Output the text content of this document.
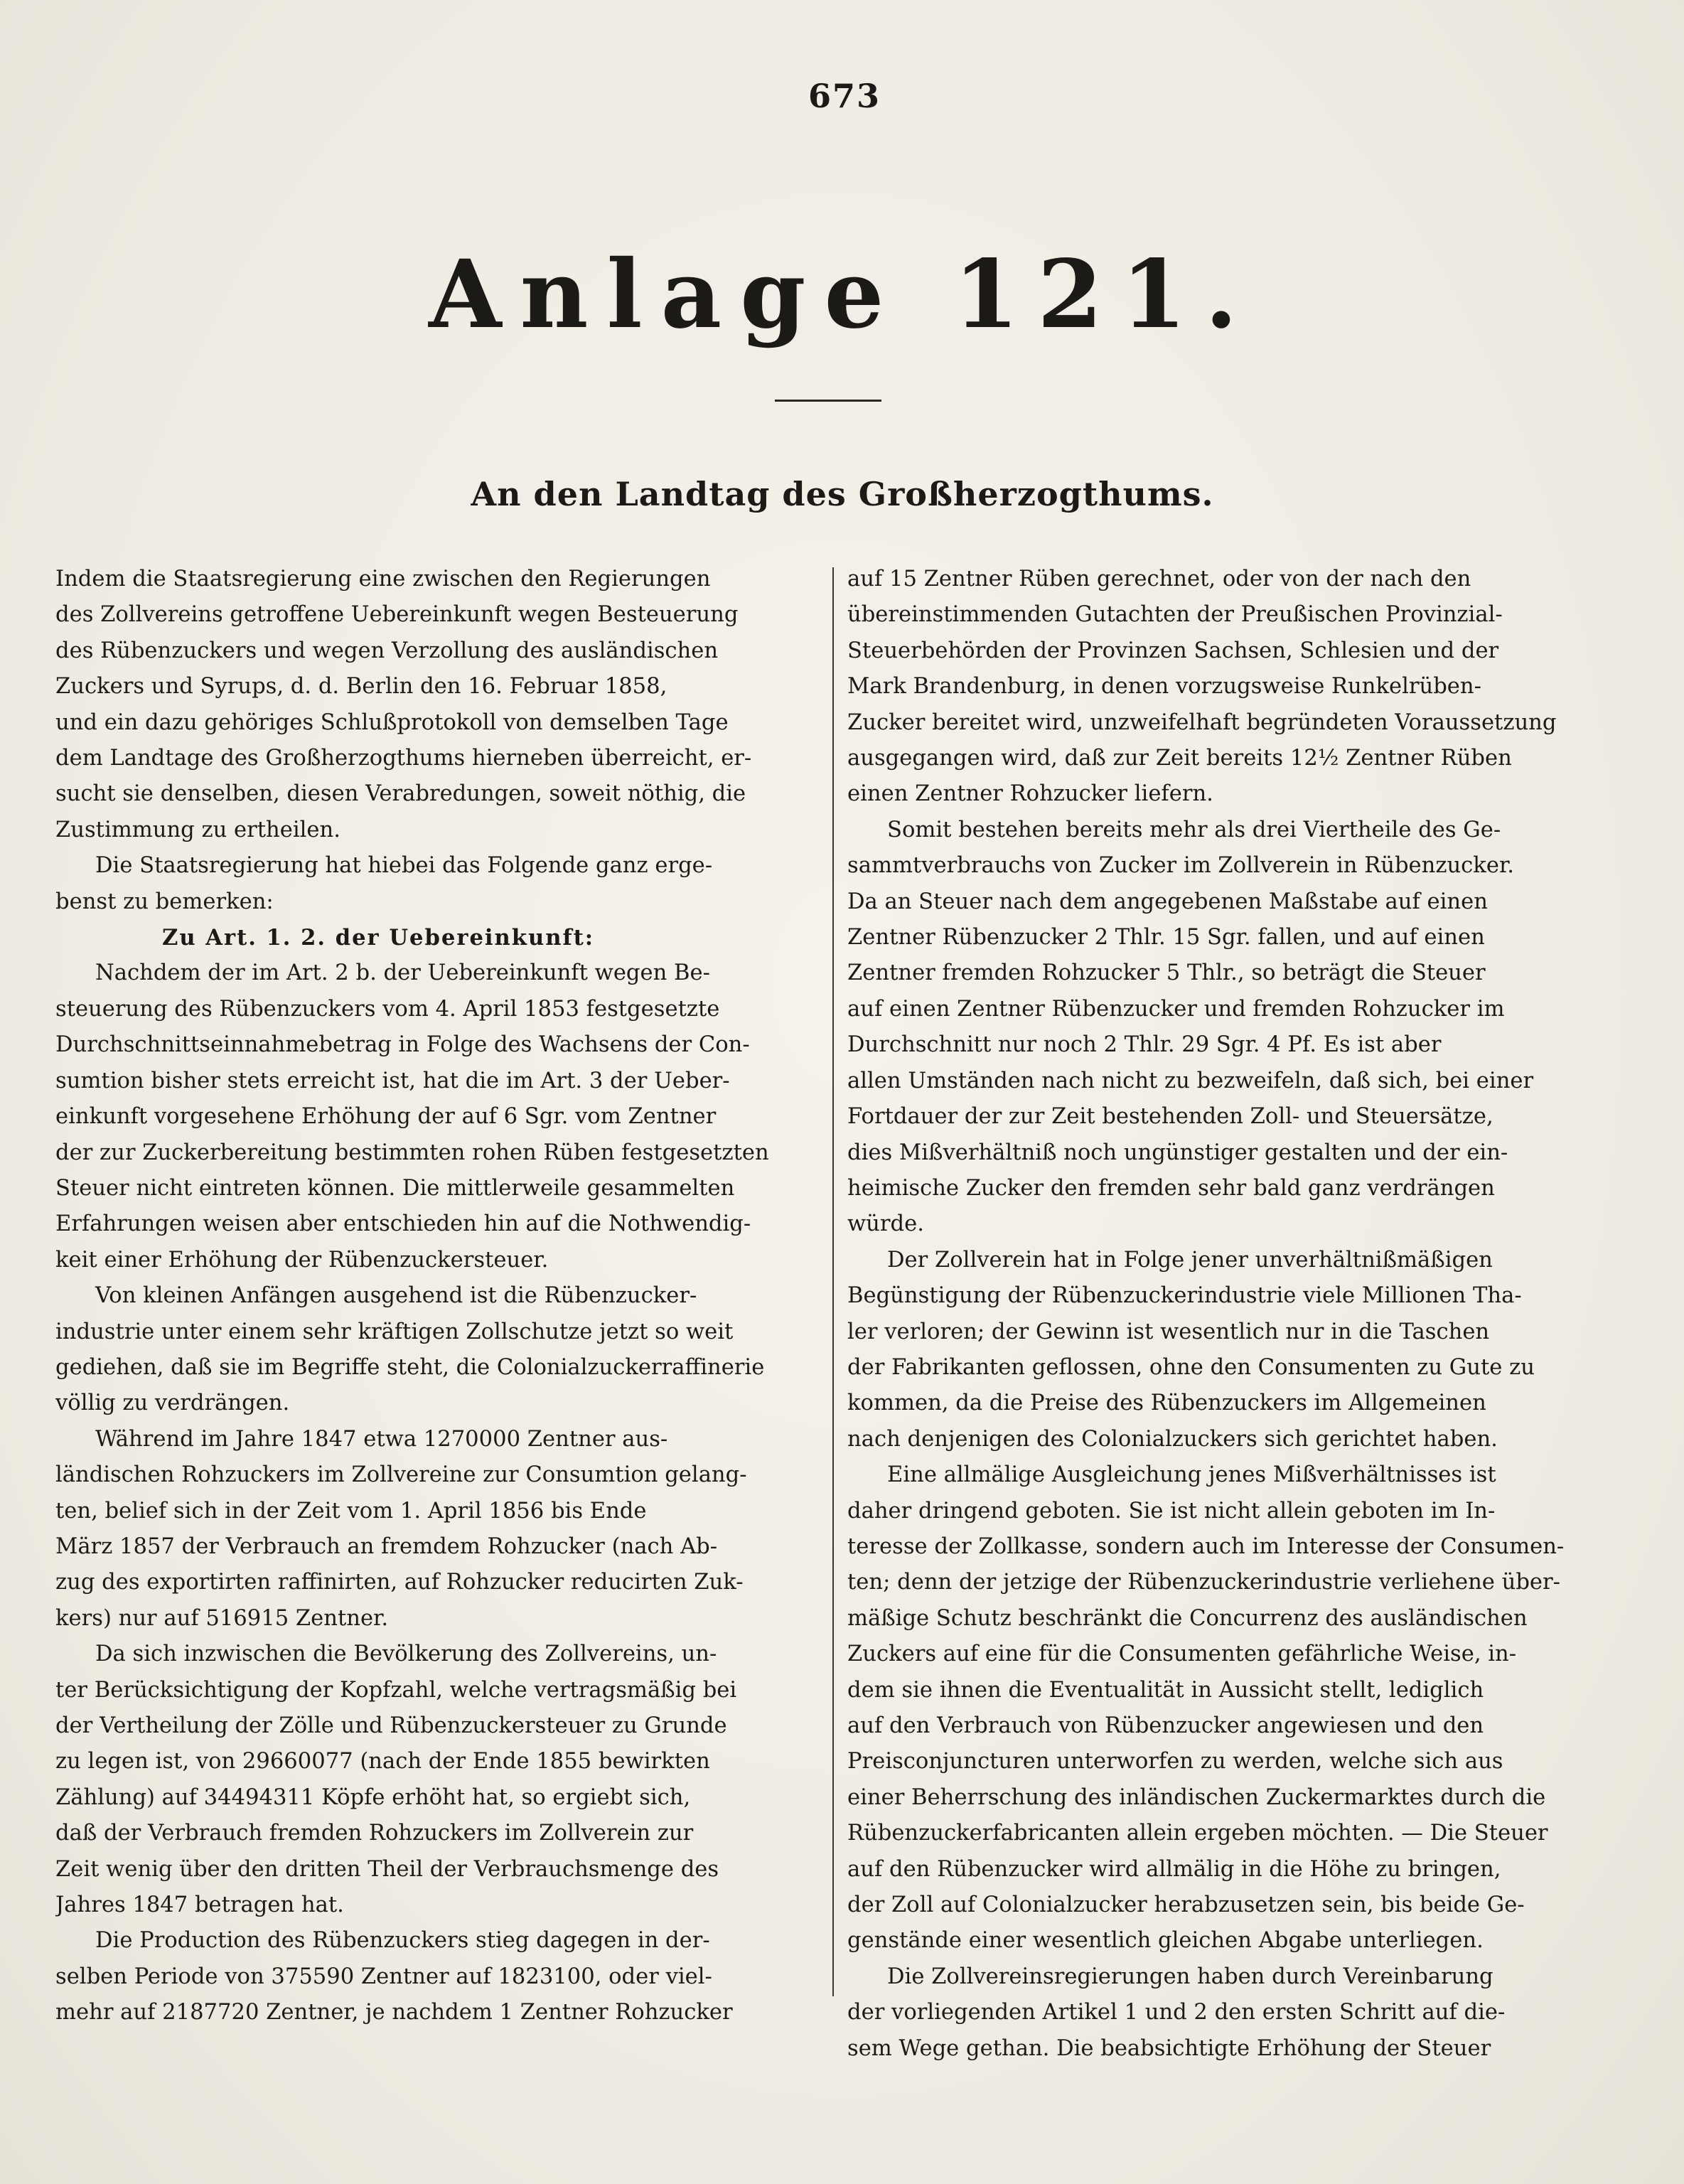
673
Anlage 121.
An den Landtag des Großherzogthums.
Indem die Staatsregierung eine zwischen den Regierungen
des Zollvereins getroffene Uebereinkunft wegen Besteuerung
des Rübenzuckers und wegen Verzollung des ausländischen
Zuckers und Syrups, d. d. Berlin den 16. Februar 1858,
und ein dazu gehöriges Schlußprotokoll von demselben Tage
dem Landtage des Großherzogthums hierneben überreicht, er-
sucht sie denselben, diesen Verabredungen, soweit nöthig, die
Zustimmung zu ertheilen.
Die Staatsregierung hat hiebei das Folgende ganz erge-
benst zu bemerken:
Zu Art. 1. 2. der Uebereinkunft:
Nachdem der im Art. 2 b. der Uebereinkunft wegen Be-
steuerung des Rübenzuckers vom 4. April 1853 festgesetzte
Durchschnittseinnahmebetrag in Folge des Wachsens der Con-
sumtion bisher stets erreicht ist, hat die im Art. 3 der Ueber-
einkunft vorgesehene Erhöhung der auf 6 Sgr. vom Zentner
der zur Zuckerbereitung bestimmten rohen Rüben festgesetzten
Steuer nicht eintreten können. Die mittlerweile gesammelten
Erfahrungen weisen aber entschieden hin auf die Nothwendig-
keit einer Erhöhung der Rübenzuckersteuer.
Von kleinen Anfängen ausgehend ist die Rübenzucker-
industrie unter einem sehr kräftigen Zollschutze jetzt so weit
gediehen, daß sie im Begriffe steht, die Colonialzuckerraffinerie
völlig zu verdrängen.
Während im Jahre 1847 etwa 1270000 Zentner aus-
ländischen Rohzuckers im Zollvereine zur Consumtion gelang-
ten, belief sich in der Zeit vom 1. April 1856 bis Ende
März 1857 der Verbrauch an fremdem Rohzucker (nach Ab-
zug des exportirten raffinirten, auf Rohzucker reducirten Zuk-
kers) nur auf 516915 Zentner.
Da sich inzwischen die Bevölkerung des Zollvereins, un-
ter Berücksichtigung der Kopfzahl, welche vertragsmäßig bei
der Vertheilung der Zölle und Rübenzuckersteuer zu Grunde
zu legen ist, von 29660077 (nach der Ende 1855 bewirkten
Zählung) auf 34494311 Köpfe erhöht hat, so ergiebt sich,
daß der Verbrauch fremden Rohzuckers im Zollverein zur
Zeit wenig über den dritten Theil der Verbrauchsmenge des
Jahres 1847 betragen hat.
Die Production des Rübenzuckers stieg dagegen in der-
selben Periode von 375590 Zentner auf 1823100, oder viel-
mehr auf 2187720 Zentner, je nachdem 1 Zentner Rohzucker
auf 15 Zentner Rüben gerechnet, oder von der nach den
übereinstimmenden Gutachten der Preußischen Provinzial-
Steuerbehörden der Provinzen Sachsen, Schlesien und der
Mark Brandenburg, in denen vorzugsweise Runkelrüben-
Zucker bereitet wird, unzweifelhaft begründeten Voraussetzung
ausgegangen wird, daß zur Zeit bereits 12½ Zentner Rüben
einen Zentner Rohzucker liefern.
Somit bestehen bereits mehr als drei Viertheile des Ge-
sammtverbrauchs von Zucker im Zollverein in Rübenzucker.
Da an Steuer nach dem angegebenen Maßstabe auf einen
Zentner Rübenzucker 2 Thlr. 15 Sgr. fallen, und auf einen
Zentner fremden Rohzucker 5 Thlr., so beträgt die Steuer
auf einen Zentner Rübenzucker und fremden Rohzucker im
Durchschnitt nur noch 2 Thlr. 29 Sgr. 4 Pf. Es ist aber
allen Umständen nach nicht zu bezweifeln, daß sich, bei einer
Fortdauer der zur Zeit bestehenden Zoll- und Steuersätze,
dies Mißverhältniß noch ungünstiger gestalten und der ein-
heimische Zucker den fremden sehr bald ganz verdrängen
würde.
Der Zollverein hat in Folge jener unverhältnißmäßigen
Begünstigung der Rübenzuckerindustrie viele Millionen Tha-
ler verloren; der Gewinn ist wesentlich nur in die Taschen
der Fabrikanten geflossen, ohne den Consumenten zu Gute zu
kommen, da die Preise des Rübenzuckers im Allgemeinen
nach denjenigen des Colonialzuckers sich gerichtet haben.
Eine allmälige Ausgleichung jenes Mißverhältnisses ist
daher dringend geboten. Sie ist nicht allein geboten im In-
teresse der Zollkasse, sondern auch im Interesse der Consumen-
ten; denn der jetzige der Rübenzuckerindustrie verliehene über-
mäßige Schutz beschränkt die Concurrenz des ausländischen
Zuckers auf eine für die Consumenten gefährliche Weise, in-
dem sie ihnen die Eventualität in Aussicht stellt, lediglich
auf den Verbrauch von Rübenzucker angewiesen und den
Preisconjuncturen unterworfen zu werden, welche sich aus
einer Beherrschung des inländischen Zuckermarktes durch die
Rübenzuckerfabricanten allein ergeben möchten. — Die Steuer
auf den Rübenzucker wird allmälig in die Höhe zu bringen,
der Zoll auf Colonialzucker herabzusetzen sein, bis beide Ge-
genstände einer wesentlich gleichen Abgabe unterliegen.
Die Zollvereinsregierungen haben durch Vereinbarung
der vorliegenden Artikel 1 und 2 den ersten Schritt auf die-
sem Wege gethan. Die beabsichtigte Erhöhung der Steuer
